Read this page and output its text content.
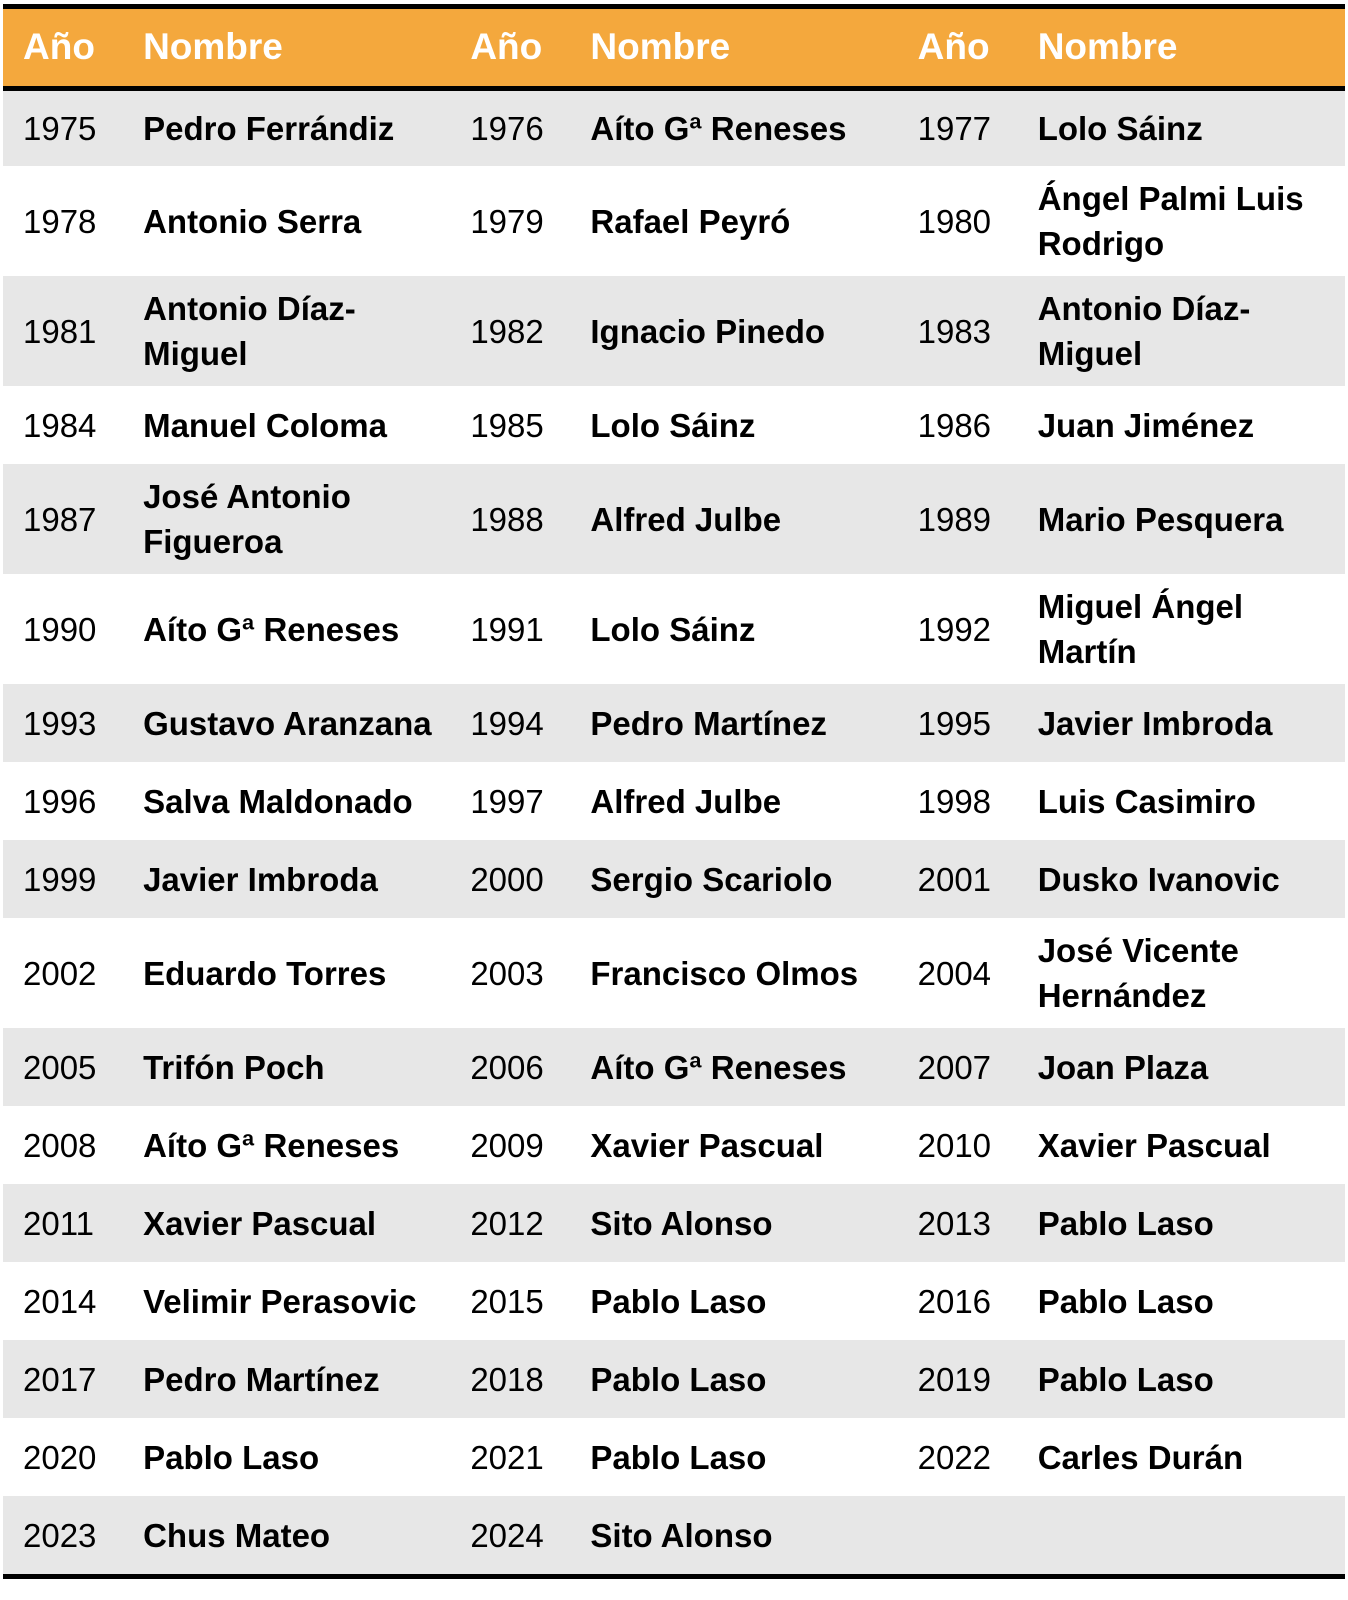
Año	Nombre	Año	Nombre	Año	Nombre
1975	Pedro Ferrándiz	1976	Aíto Gª Reneses	1977	Lolo Sáinz
1978	Antonio Serra	1979	Rafael Peyró	1980	Ángel Palmi Luis Rodrigo
1981	Antonio Díaz-Miguel	1982	Ignacio Pinedo	1983	Antonio Díaz-Miguel
1984	Manuel Coloma	1985	Lolo Sáinz	1986	Juan Jiménez
1987	José Antonio Figueroa	1988	Alfred Julbe	1989	Mario Pesquera
1990	Aíto Gª Reneses	1991	Lolo Sáinz	1992	Miguel Ángel Martín
1993	Gustavo Aranzana	1994	Pedro Martínez	1995	Javier Imbroda
1996	Salva Maldonado	1997	Alfred Julbe	1998	Luis Casimiro
1999	Javier Imbroda	2000	Sergio Scariolo	2001	Dusko Ivanovic
2002	Eduardo Torres	2003	Francisco Olmos	2004	José Vicente Hernández
2005	Trifón Poch	2006	Aíto Gª Reneses	2007	Joan Plaza
2008	Aíto Gª Reneses	2009	Xavier Pascual	2010	Xavier Pascual
2011	Xavier Pascual	2012	Sito Alonso	2013	Pablo Laso
2014	Velimir Perasovic	2015	Pablo Laso	2016	Pablo Laso
2017	Pedro Martínez	2018	Pablo Laso	2019	Pablo Laso
2020	Pablo Laso	2021	Pablo Laso	2022	Carles Durán
2023	Chus Mateo	2024	Sito Alonso		
